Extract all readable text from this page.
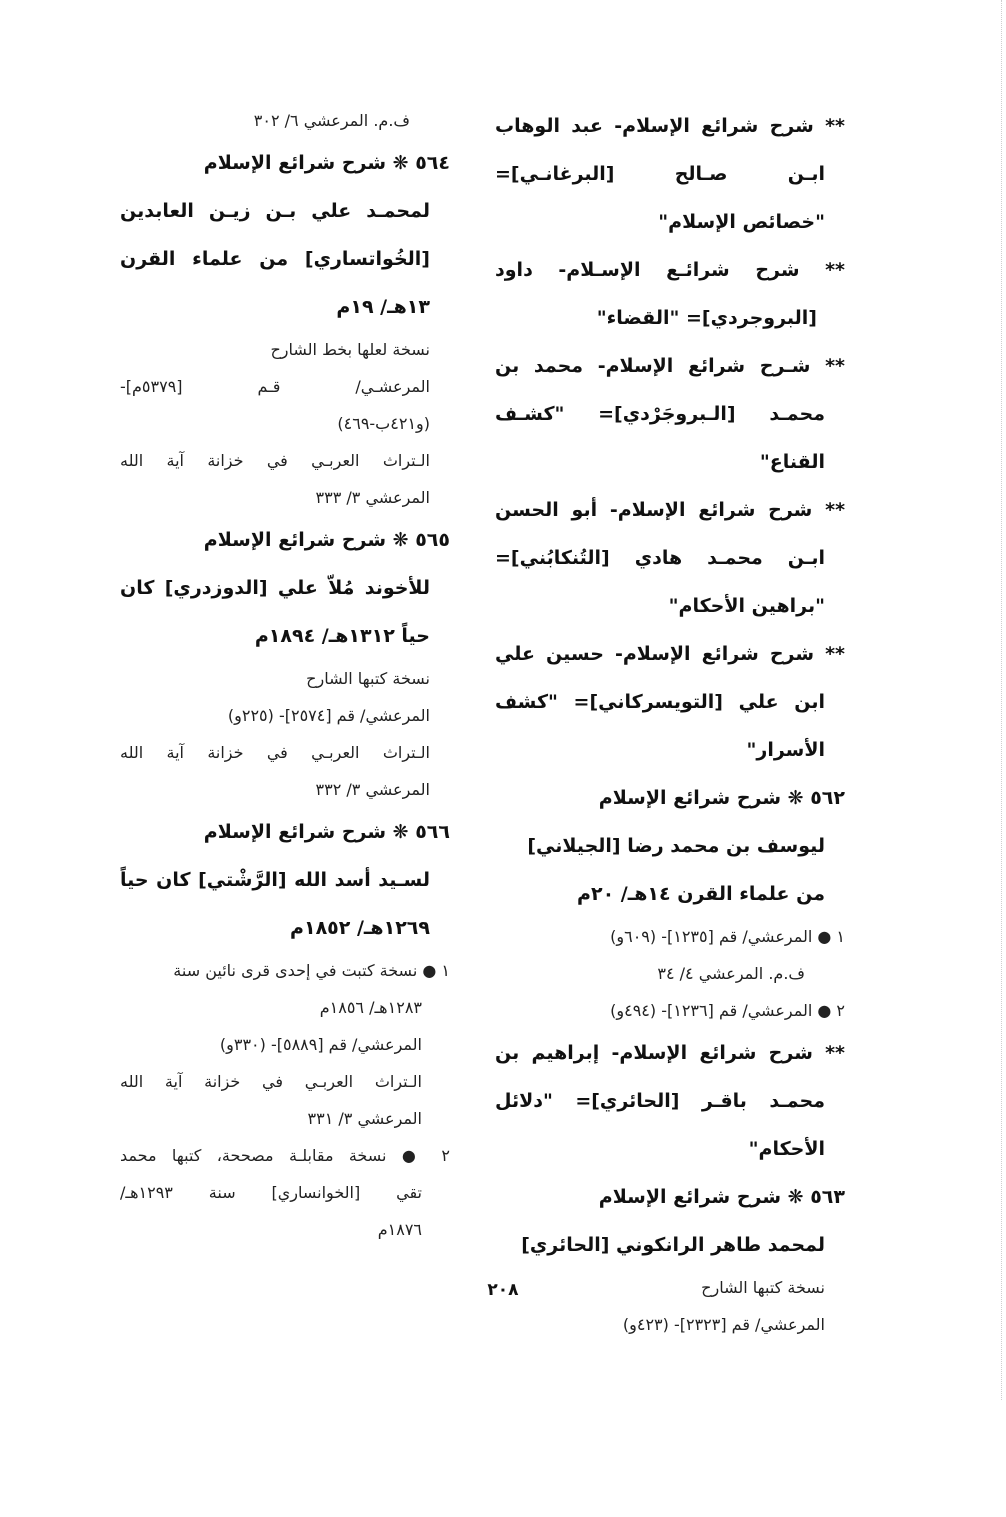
** شرح شرائع الإسلام- عبد الوهاب
ابـن صـالح [البرغانـي]=
"خصائص الإسلام"
** شرح شرائـع الإسـلام- داود
[البروجردي]= "القضاء"
** شـرح شرائع الإسلام- محمد بن
محمـد [الـبروجَرْدي]= "كشـف
القناع"
** شرح شرائع الإسلام- أبو الحسن
ابـن محمـد هادي [التُنكابُني]=
"براهين الأحكام"
** شرح شرائع الإسلام- حسين علي
ابن علي [التويسركاني]= "كشف
الأسرار"
٥٦٢ ❋ شرح شرائع الإسلام
ليوسف بن محمد رضا [الجيلاني]
من علماء القرن ١٤هـ/ ٢٠م
١ ● المرعشي/ قم [١٢٣٥]- (٦٠٩و)
ف.م. المرعشي ٤/ ٣٤
٢ ● المرعشي/ قم [١٢٣٦]- (٤٩٤و)
** شرح شرائع الإسلام- إبراهيم بن
محمـد باقـر [الحائري]= "دلائل
الأحكام"
٥٦٣ ❋ شرح شرائع الإسلام
لمحمد طاهر الرانكوني [الحائري]
نسخة كتبها الشارح
المرعشي/ قم [٢٣٢٣]- (٤٢٣و)
ف.م. المرعشي ٦/ ٣٠٢
٥٦٤ ❋ شرح شرائع الإسلام
لمحمـد علي بـن زيـن العابدين
[الخُواتساري] من علماء القرن
١٣هـ/ ١٩م
نسخة لعلها بخط الشارح
المرعشـي/ قـم [٥٣٧٩م]-
(و٤٢١ب-٤٦٩)
الـتراث العربـي في خزانة آية الله
المرعشي ٣/ ٣٣٣
٥٦٥ ❋ شرح شرائع الإسلام
للأخوند مُلاّ علي [الدوزدري] كان
حياً ١٣١٢هـ/ ١٨٩٤م
نسخة كتبها الشارح
المرعشي/ قم [٢٥٧٤]- (٢٢٥و)
الـتراث العربـي في خزانة آية الله
المرعشي ٣/ ٣٣٢
٥٦٦ ❋ شرح شرائع الإسلام
لسـيد أسد الله [الرَّشْتي] كان حياً
١٢٦٩هـ/ ١٨٥٢م
١ ● نسخة كتبت في إحدى قرى نائين سنة
١٢٨٣هـ/ ١٨٥٦م
المرعشي/ قم [٥٨٨٩]- (٣٣٠و)
الـتراث العربـي في خزانة آية الله
المرعشي ٣/ ٣٣١
٢ ● نسخة مقابلـة مصححة، كتبها محمد
تقي [الخوانساري] سنة ١٢٩٣هـ/
١٨٧٦م
٢٠٨
